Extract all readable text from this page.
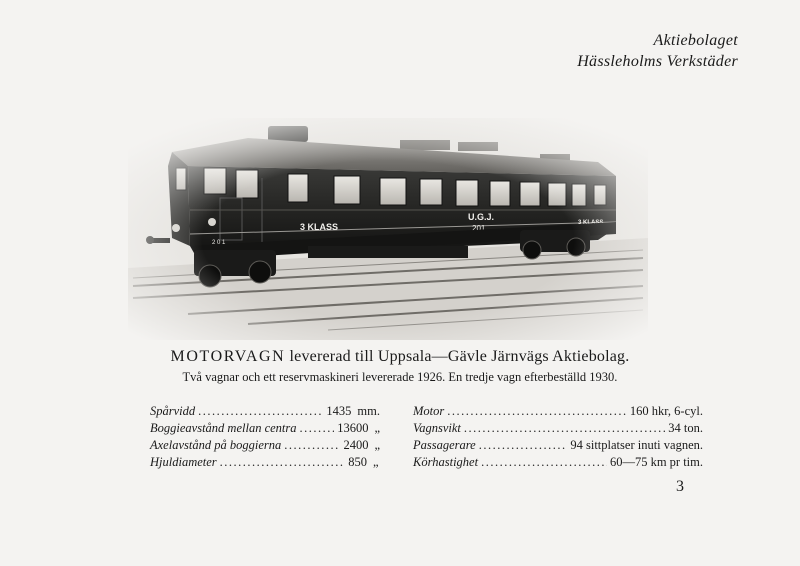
Aktiebolaget
Hässleholms Verkstäder
MOTORVAGN levererad till Uppsala—Gävle Järnvägs Aktiebolag.
Två vagnar och ett reservmaskineri levererade 1926. En tredje vagn efterbeställd 1930.
Spårvidd .....	1435 mm.
Boggieavstånd mellan centra .....	13600 „
Axelavstånd på boggierna .....	2400 „
Hjuldiameter .....	850 „
Motor .....	160 hkr, 6-cyl.
Vagnsvikt .....	34 ton.
Passagerare .....	94 sittplatser inuti vagnen.
Körhastighet .....	60—75 km pr tim.
3
